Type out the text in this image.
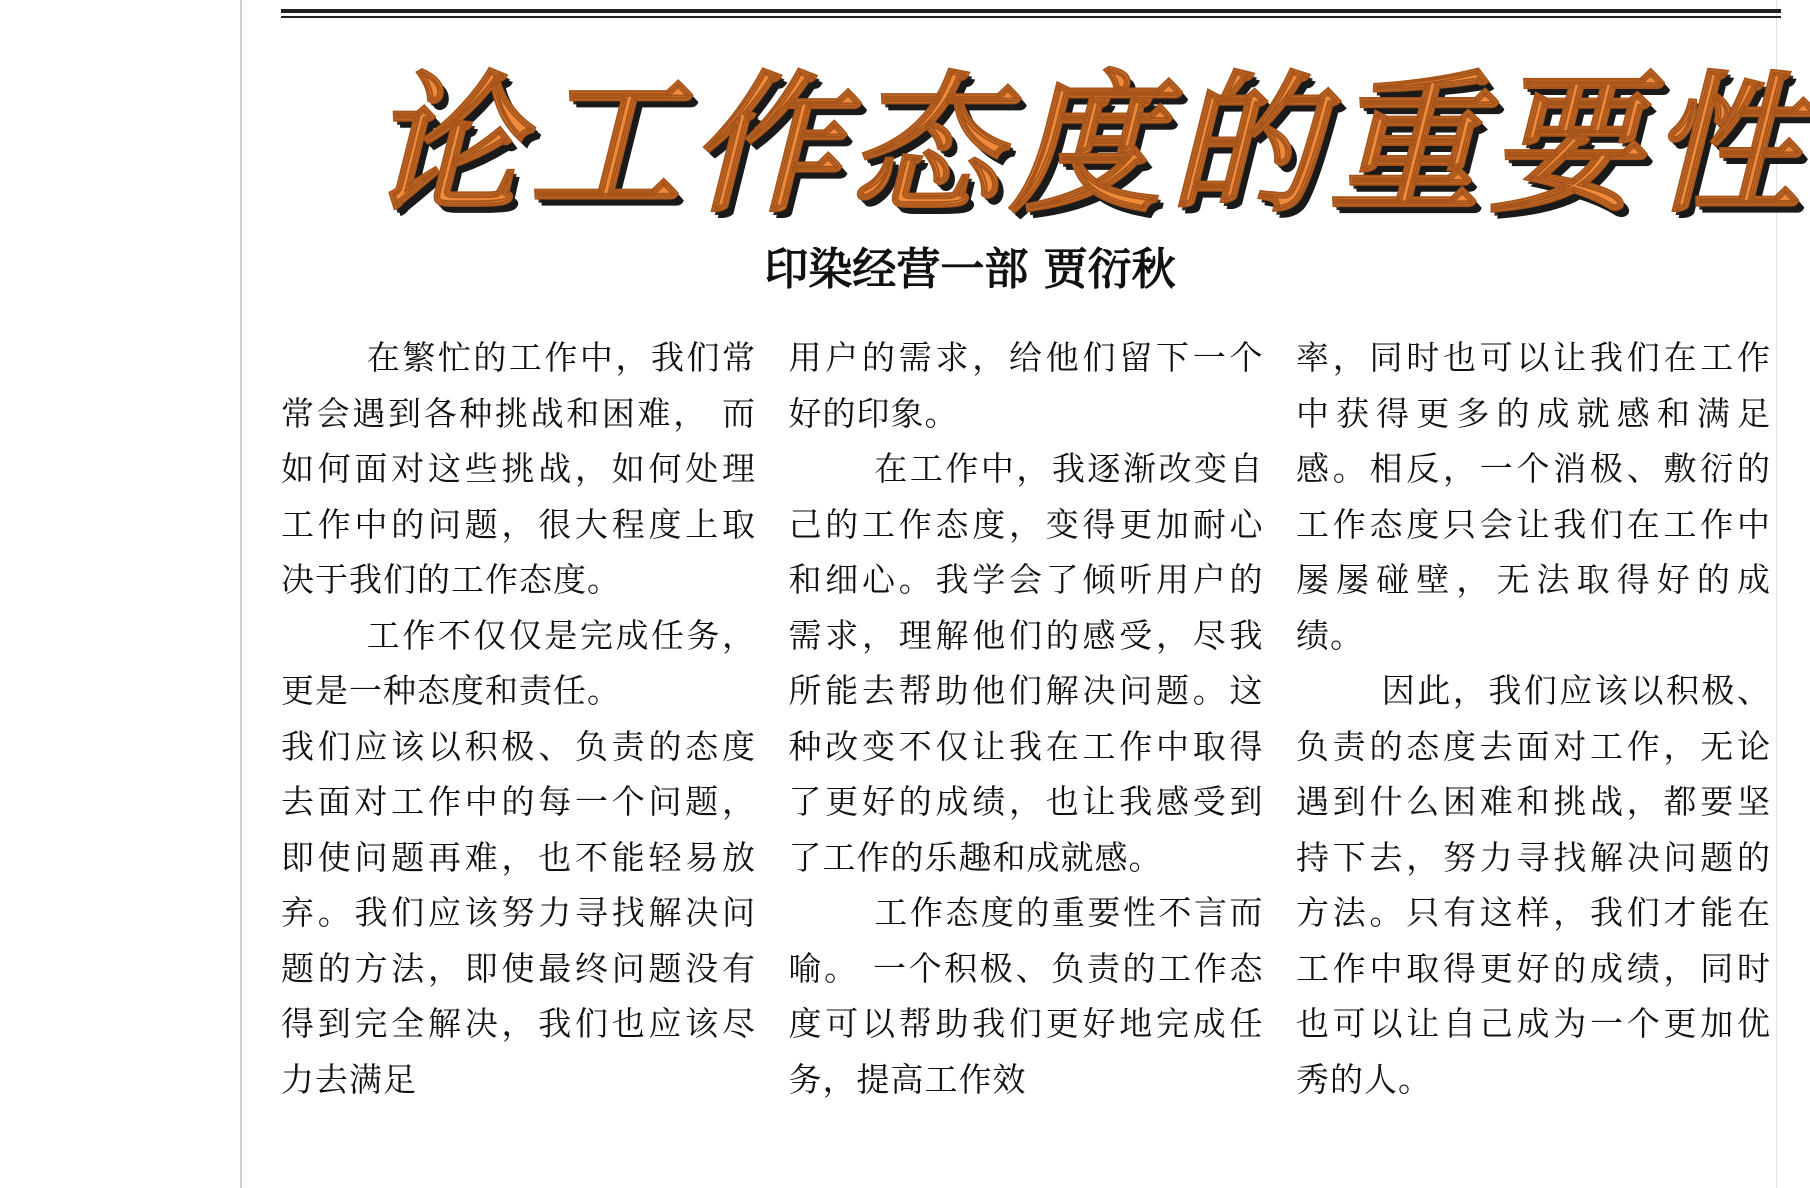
论 工 作 态 度 的 重 要 性
印染经营一部 贾衍秋

在繁忙的工作中，我们常常会遇到各种挑战和困难， 而如何面对这些挑战，如何处理工作中的问题，很大程度上取决于我们的工作态度。

工作不仅仅是完成任务，更是一种态度和责任。

我们应该以积极、负责的态度去面对工作中的每一个问题，即使问题再难，也不能轻易放弃。我们应该努力寻找解决问题的方法，即使最终问题没有得到完全解决，我们也应该尽力去满足

用户的需求，给他们留下一个好的印象。

在工作中，我逐渐改变自己的工作态度，变得更加耐心和细心。我学会了倾听用户的需求，理解他们的感受，尽我所能去帮助他们解决问题。这种改变不仅让我在工作中取得了更好的成绩，也让我感受到了工作的乐趣和成就感。

工作态度的重要性不言而喻。 一个积极、负责的工作态度可以帮助我们更好地完成任务，提高工作效

率，同时也可以让我们在工作中获得更多的成就感和满足感。相反，一个消极、敷衍的工作态度只会让我们在工作中屡屡碰壁，无法取得好的成绩。

因此，我们应该以积极、负责的态度去面对工作，无论遇到什么困难和挑战，都要坚持下去，努力寻找解决问题的方法。只有这样，我们才能在工作中取得更好的成绩，同时也可以让自己成为一个更加优秀的人。
